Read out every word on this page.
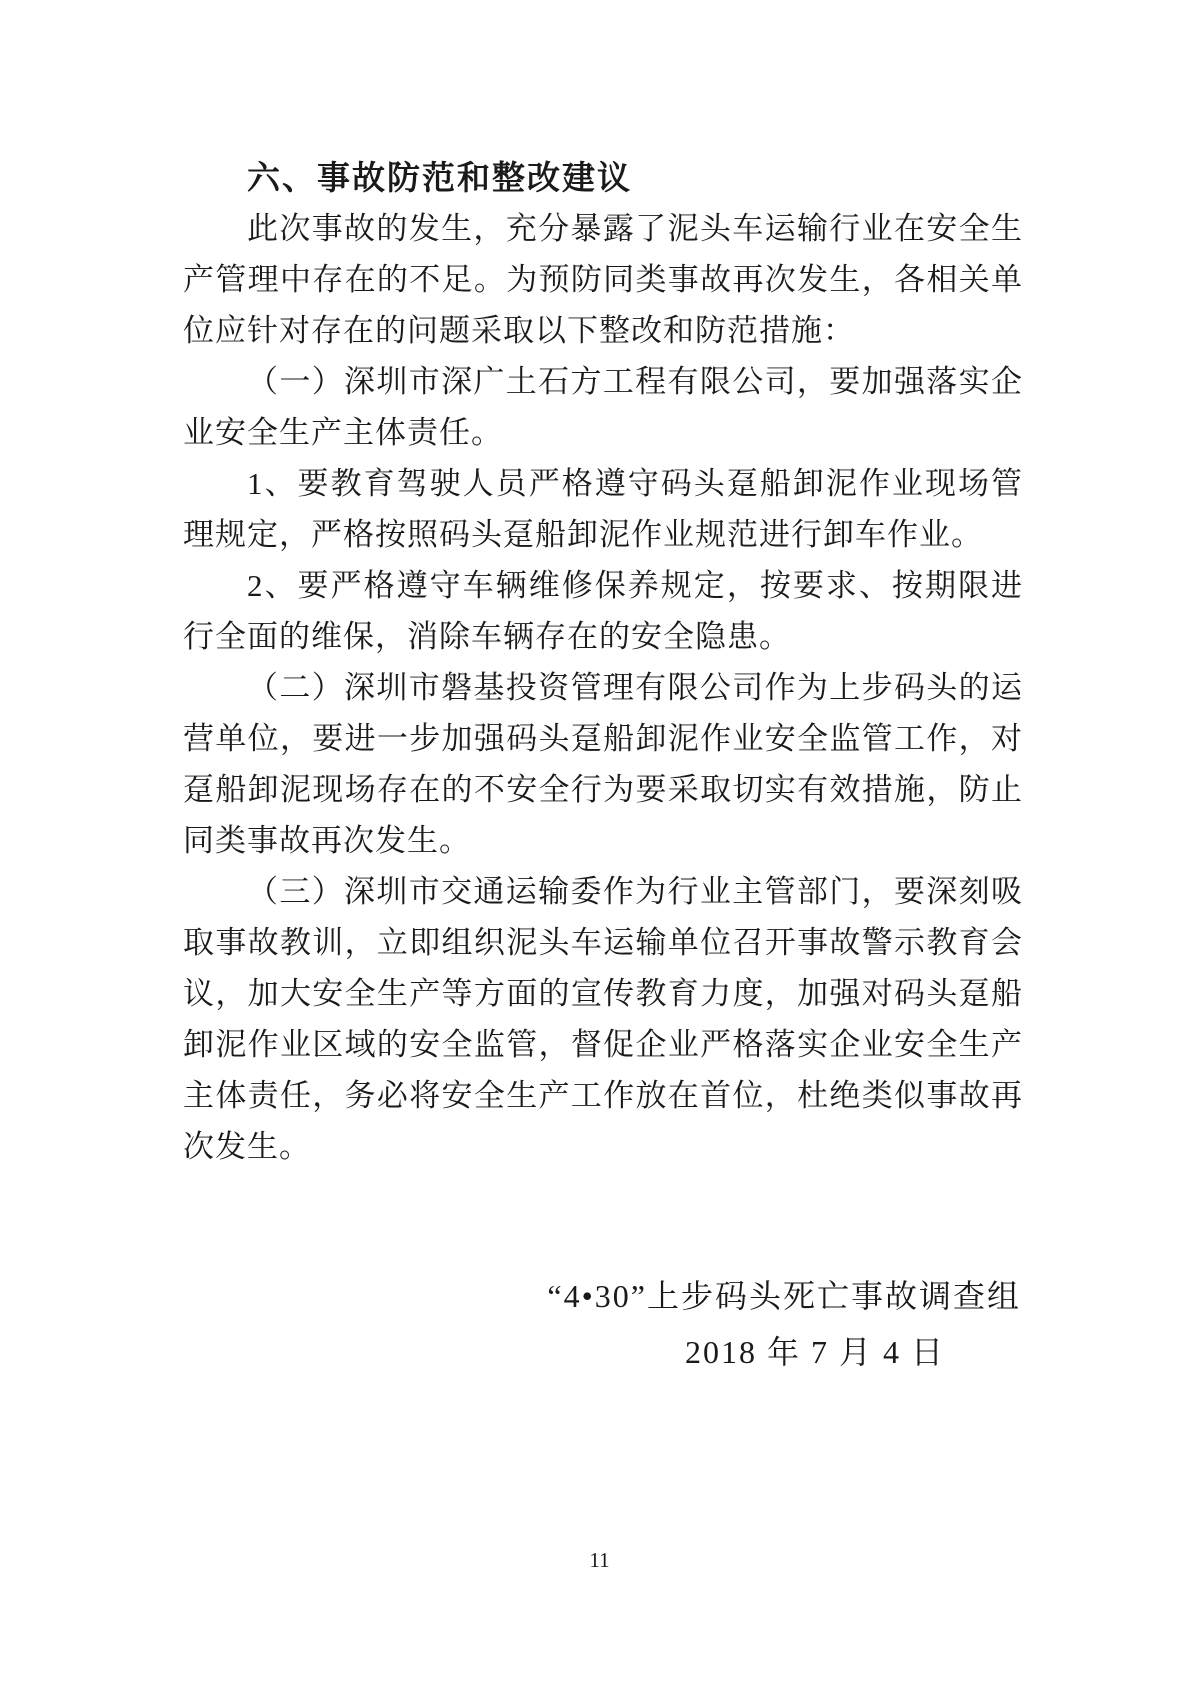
六、事故防范和整改建议
此次事故的发生，充分暴露了泥头车运输行业在安全生
产管理中存在的不足。为预防同类事故再次发生，各相关单
位应针对存在的问题采取以下整改和防范措施：
（一）深圳市深广土石方工程有限公司，要加强落实企
业安全生产主体责任。
1、要教育驾驶人员严格遵守码头趸船卸泥作业现场管
理规定，严格按照码头趸船卸泥作业规范进行卸车作业。
2、要严格遵守车辆维修保养规定，按要求、按期限进
行全面的维保，消除车辆存在的安全隐患。
（二）深圳市磐基投资管理有限公司作为上步码头的运
营单位，要进一步加强码头趸船卸泥作业安全监管工作，对
趸船卸泥现场存在的不安全行为要采取切实有效措施，防止
同类事故再次发生。
（三）深圳市交通运输委作为行业主管部门，要深刻吸
取事故教训，立即组织泥头车运输单位召开事故警示教育会
议，加大安全生产等方面的宣传教育力度，加强对码头趸船
卸泥作业区域的安全监管，督促企业严格落实企业安全生产
主体责任，务必将安全生产工作放在首位，杜绝类似事故再
次发生。
“4•30”上步码头死亡事故调查组
2018 年 7 月 4 日
11
